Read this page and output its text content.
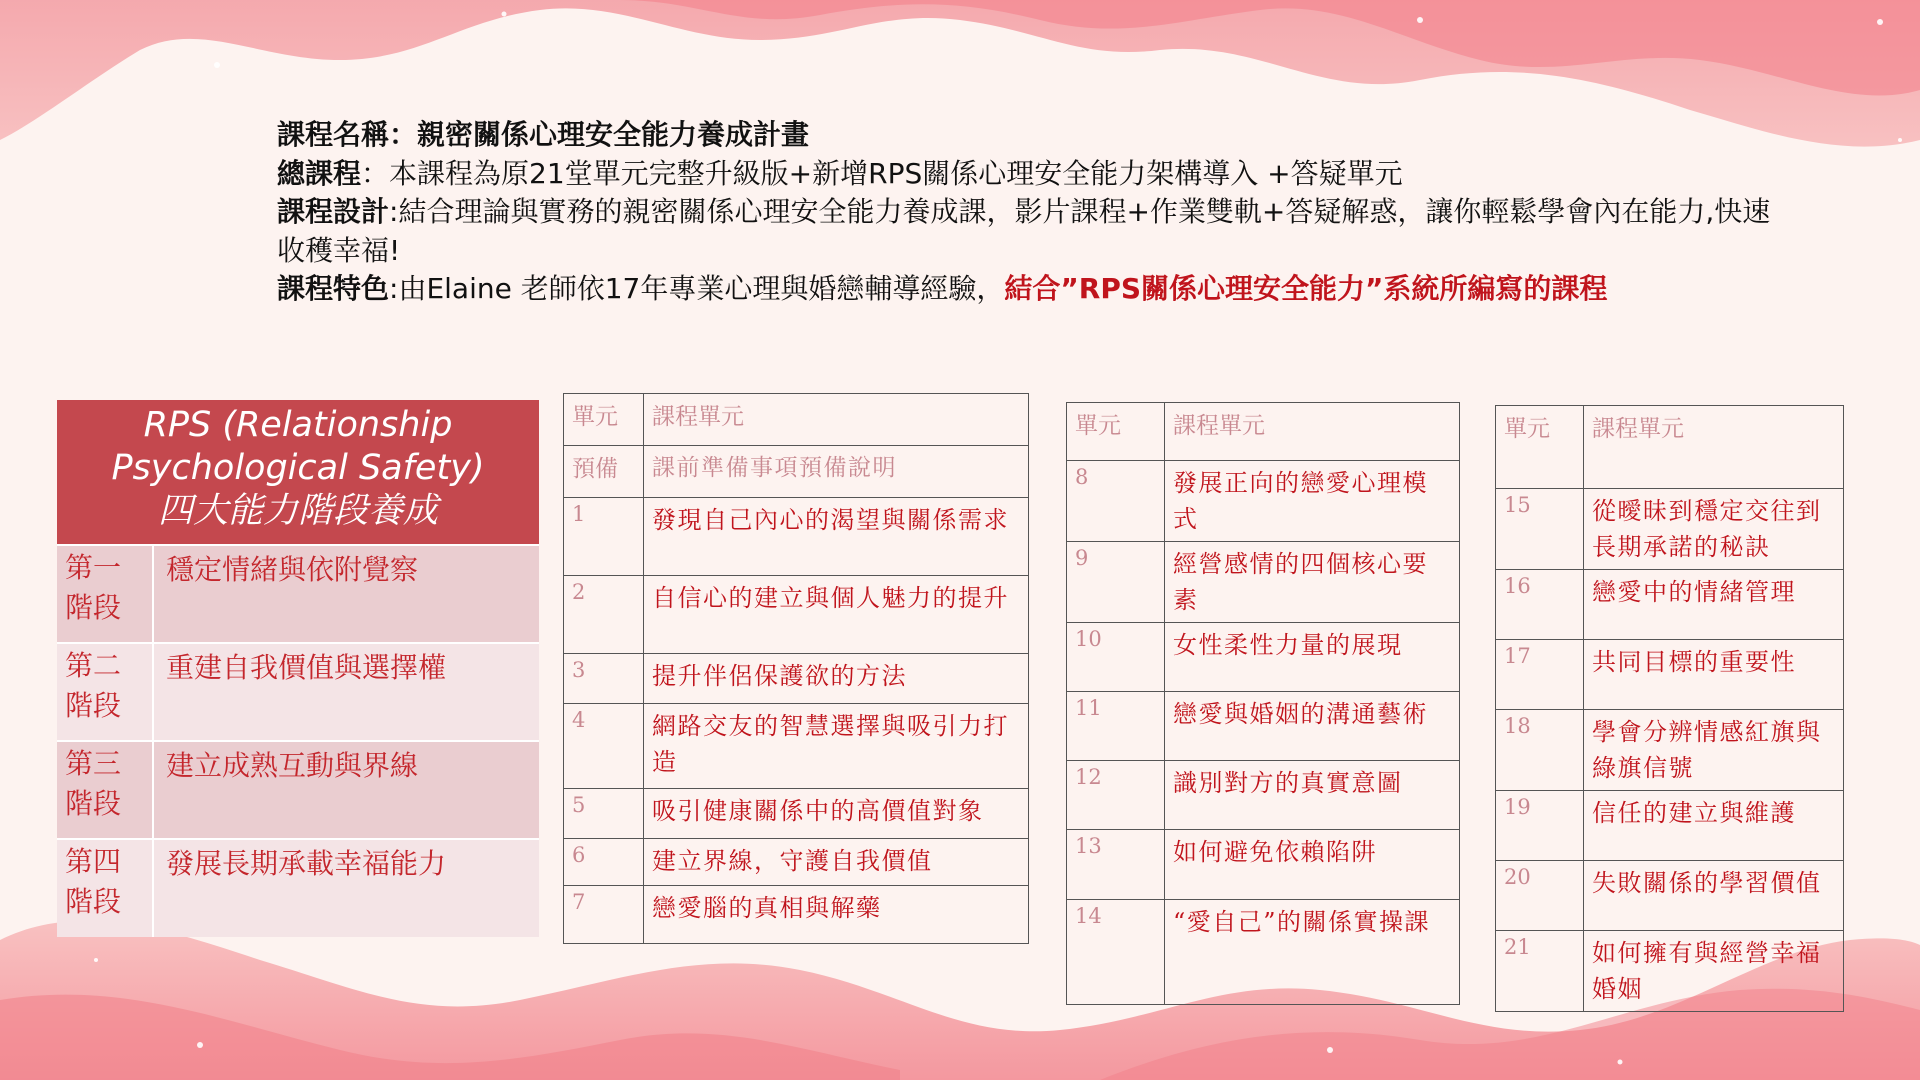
課程名稱：親密關係心理安全能力養成計畫

總課程：本課程為原21堂單元完整升級版+新增RPS關係心理安全能力架構導入 +答疑單元

課程設計:結合理論與實務的親密關係心理安全能力養成課，影片課程+作業雙軌+答疑解惑，讓你輕鬆學會內在能力,快速收穫幸福!

課程特色:由Elaine 老師依17年專業心理與婚戀輔導經驗，結合”RPS關係心理安全能力”系統所編寫的課程

RPS (Relationship
Psychological Safety)
四大能力階段養成	

第一階段	穩定情緒與依附覺察
第二階段	重建自我價值與選擇權
第三階段	建立成熟互動與界線
第四階段	發展長期承載幸福能力
單元	課程單元
預備	課前準備事項預備說明
1	發現自己內心的渴望與關係需求
2	自信心的建立與個人魅力的提升
3	提升伴侶保護欲的方法
4	網路交友的智慧選擇與吸引力打造
5	吸引健康關係中的高價值對象
6	建立界線，守護自我價值
7	戀愛腦的真相與解藥
單元	課程單元
8	發展正向的戀愛心理模式
9	經營感情的四個核心要素
10	女性柔性力量的展現
11	戀愛與婚姻的溝通藝術
12	識別對方的真實意圖
13	如何避免依賴陷阱
14	“愛自己”的關係實操課
單元	課程單元
15	從曖昧到穩定交往到長期承諾的秘訣
16	戀愛中的情緒管理
17	共同目標的重要性
18	學會分辨情感紅旗與綠旗信號
19	信任的建立與維護
20	失敗關係的學習價值
21	如何擁有與經營幸福婚姻
